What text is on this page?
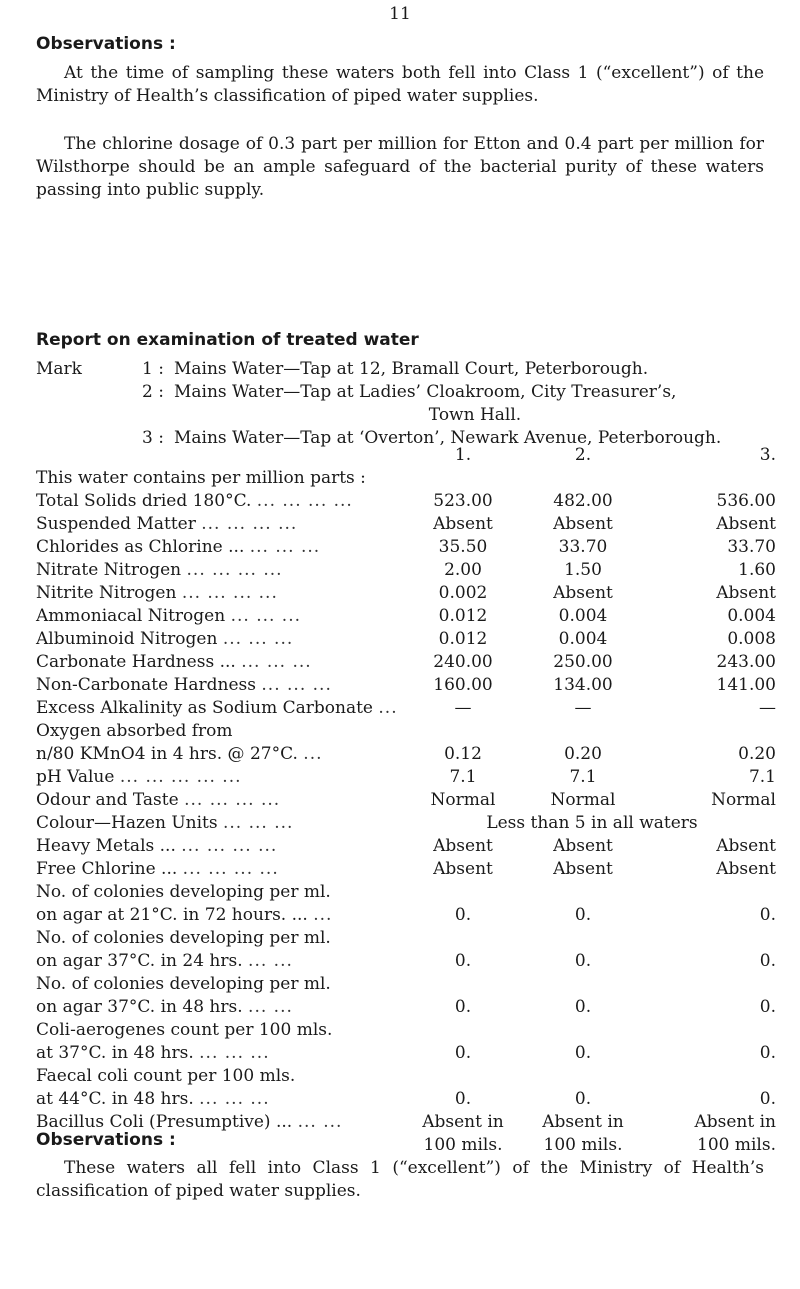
11
Observations :
At the time of sampling these waters both fell into Class 1 (“excellent”) of the Ministry of Health’s classification of piped water supplies.
The chlorine dosage of 0.3 part per million for Etton and 0.4 part per million for Wilsthorpe should be an ample safeguard of the bacterial purity of these waters passing into public supply.
Report on examination of treated water
Mark	1 : Mains Water—Tap at 12, Bramall Court, Peterborough.
2 : Mains Water—Tap at Ladies’ Cloakroom, City Treasurer’s,
Town Hall.
3 : Mains Water—Tap at ‘Overton’, Newark Avenue, Peterborough.
	1.	2.	3.
This water contains per million parts :			
Total Solids dried 180°C. ... ... ... ...	523.00	482.00	536.00
Suspended Matter ... ... ... ...	Absent	Absent	Absent
Chlorides as Chlorine ... ... ... ...	35.50	33.70	33.70
Nitrate Nitrogen ... ... ... ...	2.00	1.50	1.60
Nitrite Nitrogen ... ... ... ...	0.002	Absent	Absent
Ammoniacal Nitrogen ... ... ...	0.012	0.004	0.004
Albuminoid Nitrogen ... ... ...	0.012	0.004	0.008
Carbonate Hardness ... ... ... ...	240.00	250.00	243.00
Non-Carbonate Hardness ... ... ...	160.00	134.00	141.00
Excess Alkalinity as Sodium Carbonate ...	—	—	—
Oxygen absorbed from			
n/80 KMnO4 in 4 hrs. @ 27°C. ...	0.12	0.20	0.20
pH Value ... ... ... ... ...	7.1	7.1	7.1
Odour and Taste ... ... ... ...	Normal	Normal	Normal
Colour—Hazen Units ... ... ...	Less than 5 in all waters		
Heavy Metals ... ... ... ... ...	Absent	Absent	Absent
Free Chlorine ... ... ... ... ...	Absent	Absent	Absent
No. of colonies developing per ml.			
on agar at 21°C. in 72 hours. ... ...	0.	0.	0.
No. of colonies developing per ml.			
on agar 37°C. in 24 hrs. ... ...	0.	0.	0.
No. of colonies developing per ml.			
on agar 37°C. in 48 hrs. ... ...	0.	0.	0.
Coli-aerogenes count per 100 mls.			
at 37°C. in 48 hrs. ... ... ...	0.	0.	0.
Faecal coli count per 100 mls.			
at 44°C. in 48 hrs. ... ... ...	0.	0.	0.
Bacillus Coli (Presumptive) ... ... ...	Absent in	Absent in	Absent in
	100 mils.	100 mils.	100 mils.
Observations :
These waters all fell into Class 1 (“excellent”) of the Ministry of Health’s classification of piped water supplies.
